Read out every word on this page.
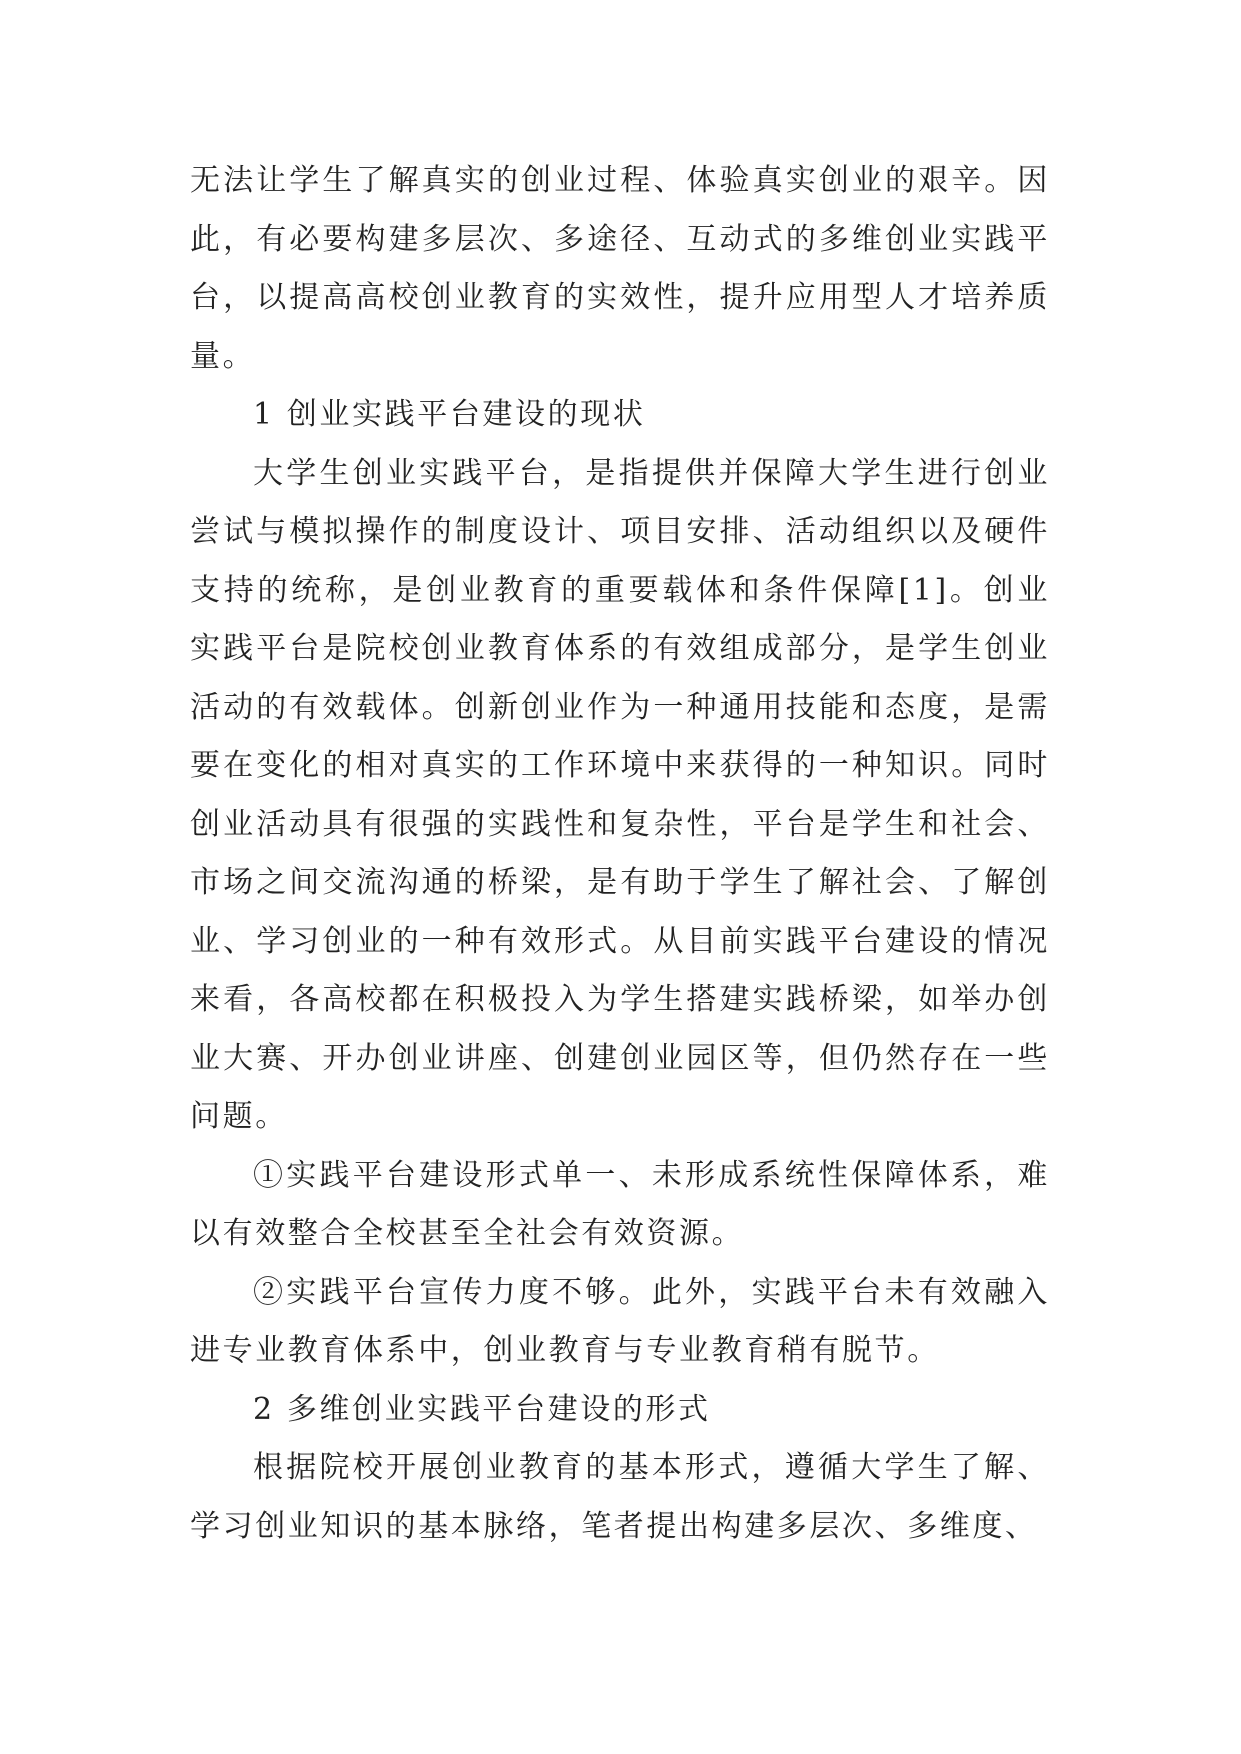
无法让学生了解真实的创业过程、体验真实创业的艰辛。因此，有必要构建多层次、多途径、互动式的多维创业实践平台，以提高高校创业教育的实效性，提升应用型人才培养质量。

1 创业实践平台建设的现状

大学生创业实践平台，是指提供并保障大学生进行创业尝试与模拟操作的制度设计、项目安排、活动组织以及硬件支持的统称，是创业教育的重要载体和条件保障[1]。创业实践平台是院校创业教育体系的有效组成部分，是学生创业活动的有效载体。创新创业作为一种通用技能和态度，是需要在变化的相对真实的工作环境中来获得的一种知识。同时创业活动具有很强的实践性和复杂性，平台是学生和社会、市场之间交流沟通的桥梁，是有助于学生了解社会、了解创业、学习创业的一种有效形式。从目前实践平台建设的情况来看，各高校都在积极投入为学生搭建实践桥梁，如举办创业大赛、开办创业讲座、创建创业园区等，但仍然存在一些问题。

①实践平台建设形式单一、未形成系统性保障体系，难以有效整合全校甚至全社会有效资源。

②实践平台宣传力度不够。此外，实践平台未有效融入进专业教育体系中，创业教育与专业教育稍有脱节。

2 多维创业实践平台建设的形式

根据院校开展创业教育的基本形式，遵循大学生了解、学习创业知识的基本脉络，笔者提出构建多层次、多维度、
